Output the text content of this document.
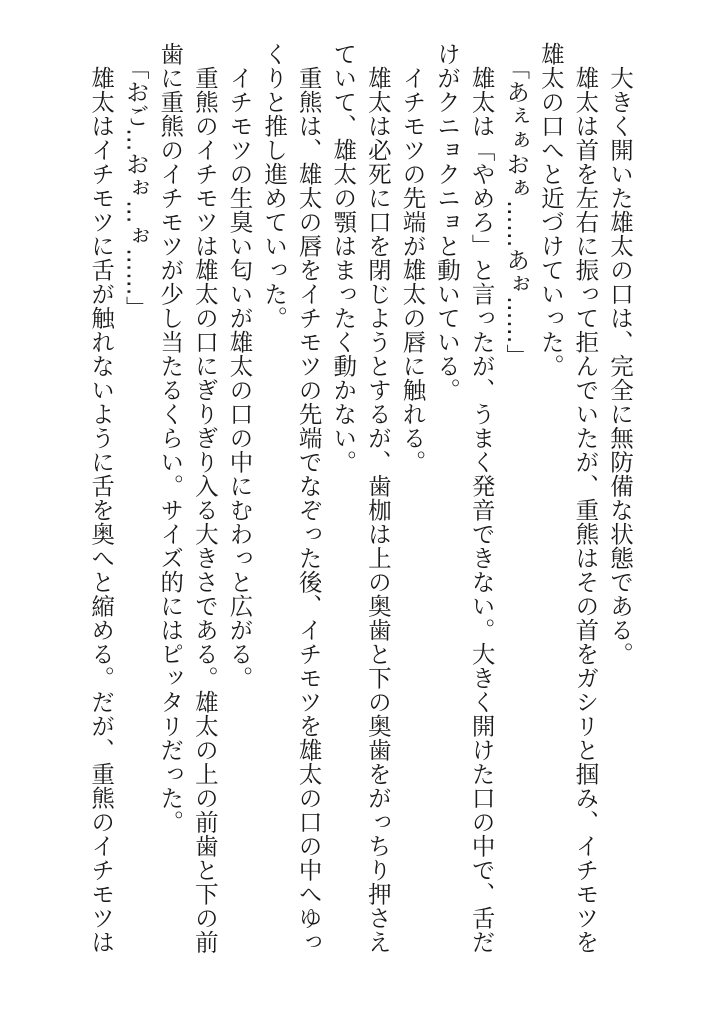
大きく開いた雄太の口は、完全に無防備な状態である。

雄太は首を左右に振って拒んでいたが、重熊はその首をガシリと掴み、イチモツを雄太の口へと近づけていった。

「あぇぁおぁ……あぉ……」

雄太は「やめろ」と言ったが、うまく発音できない。大きく開けた口の中で、舌だけがクニョクニョと動いている。

イチモツの先端が雄太の唇に触れる。

雄太は必死に口を閉じようとするが、歯枷は上の奥歯と下の奥歯をがっちり押さえていて、雄太の顎はまったく動かない。

重熊は、雄太の唇をイチモツの先端でなぞった後、イチモツを雄太の口の中へゆっくりと推し進めていった。

イチモツの生臭い匂いが雄太の口の中にむわっと広がる。

重熊のイチモツは雄太の口にぎりぎり入る大きさである。雄太の上の前歯と下の前歯に重熊のイチモツが少し当たるくらい。サイズ的にはピッタリだった。

「おご…おぉ…ぉ……」

雄太はイチモツに舌が触れないように舌を奥へと縮める。だが、重熊のイチモツは
